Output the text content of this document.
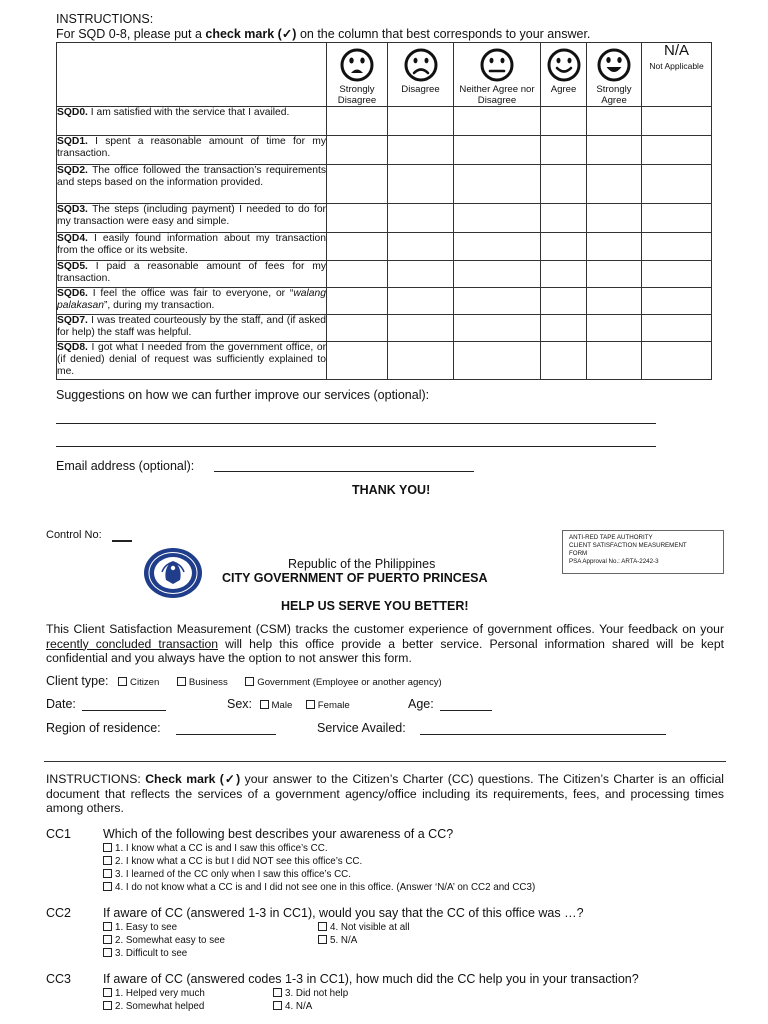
INSTRUCTIONS:
For SQD 0-8, please put a check mark (✓) on the column that best corresponds to your answer.

	Strongly Disagree	Disagree	Neither Agree nor Disagree	Agree	Strongly Agree	N/A
Not Applicable

SQD0. I am satisfied with the service that I availed.						
SQD1. I spent a reasonable amount of time for my transaction.						
SQD2. The office followed the transaction’s requirements and steps based on the information provided.						
SQD3. The steps (including payment) I needed to do for my transaction were easy and simple.						
SQD4. I easily found information about my transaction from the office or its website.						
SQD5. I paid a reasonable amount of fees for my transaction.						
SQD6. I feel the office was fair to everyone, or “walang palakasan”, during my transaction.						
SQD7. I was treated courteously by the staff, and (if asked for help) the staff was helpful.						
SQD8. I got what I needed from the government office, or (if denied) denial of request was sufficiently explained to me.						
Suggestions on how we can further improve our services (optional):
Email address (optional):
THANK YOU!
Control No:	ANTI-RED TAPE AUTHORITY
CLIENT SATISFACTION MEASUREMENT
FORM
PSA Approval No.: ARTA-2242-3
Republic of the Philippines
CITY GOVERNMENT OF PUERTO PRINCESA
HELP US SERVE YOU BETTER!
This Client Satisfaction Measurement (CSM) tracks the customer experience of government offices. Your feedback on your recently concluded transaction will help this office provide a better service. Personal information shared will be kept confidential and you always have the option to not answer this form.
Client type: Citizen	Business	Government (Employee or another agency)
Date:	Sex: Male	Female	Age:
Region of residence:	Service Availed:
INSTRUCTIONS: Check mark (✓) your answer to the Citizen’s Charter (CC) questions. The Citizen’s Charter is an official document that reflects the services of a government agency/office including its requirements, fees, and processing times among others.
CC1	Which of the following best describes your awareness of a CC?
1. I know what a CC is and I saw this office’s CC.
2. I know what a CC is but I did NOT see this office’s CC.
3. I learned of the CC only when I saw this office’s CC.
4. I do not know what a CC is and I did not see one in this office. (Answer ‘N/A’ on CC2 and CC3)
CC2	If aware of CC (answered 1-3 in CC1), would you say that the CC of this office was …?
1. Easy to see
2. Somewhat easy to see
3. Difficult to see
4. Not visible at all
5. N/A
CC3	If aware of CC (answered codes 1-3 in CC1), how much did the CC help you in your transaction?
1. Helped very much
2. Somewhat helped
3. Did not help
4. N/A
